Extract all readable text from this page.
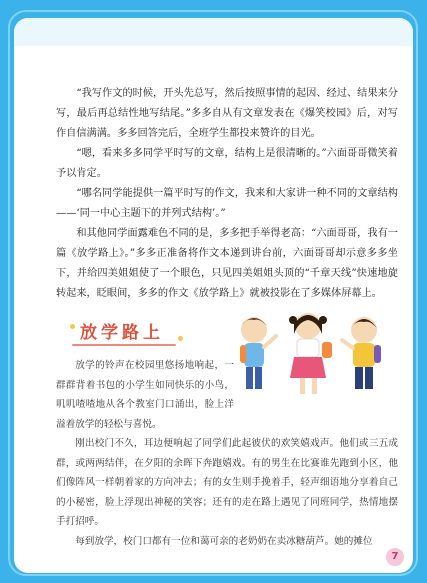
“我写作文的时候，开头先总写，然后按照事情的起因、经过、结果来分写，最后再总结性地写结尾。”多多自从有文章发表在《爆笑校园》后，对写作自信满满。多多回答完后，全班学生都投来赞许的目光。

“嗯，看来多多同学平时写的文章，结构上是很清晰的。”六面哥哥微笑着予以肯定。

“哪名同学能提供一篇平时写的作文，我来和大家讲一种不同的文章结构——‘同一中心主题下的并列式结构’。”

和其他同学面露难色不同的是，多多把手举得老高：“六面哥哥，我有一篇《放学路上》。”多多正准备将作文本递到讲台前，六面哥哥却示意多多坐下，并给四美姐姐使了一个眼色，只见四美姐姐头顶的“千章天线”快速地旋转起来，眨眼间，多多的作文《放学路上》就被投影在了多媒体屏幕上。

放学路上

放学的铃声在校园里悠扬地响起，一群群背着书包的小学生如同快乐的小鸟，叽叽喳喳地从各个教室门口涌出，脸上洋溢着放学的轻松与喜悦。

刚出校门不久，耳边便响起了同学们此起彼伏的欢笑嬉戏声。他们或三五成群，或两两结伴，在夕阳的余晖下奔跑嬉戏。有的男生在比赛谁先跑到小区，他们像阵风一样朝着家的方向冲去；有的女生则手挽着手，轻声细语地分享着自己的小秘密，脸上浮现出神秘的笑容；还有的走在路上遇见了同班同学，热情地摆手打招呼。

每到放学，校门口都有一位和蔼可亲的老奶奶在卖冰糖葫芦。她的摊位

7
